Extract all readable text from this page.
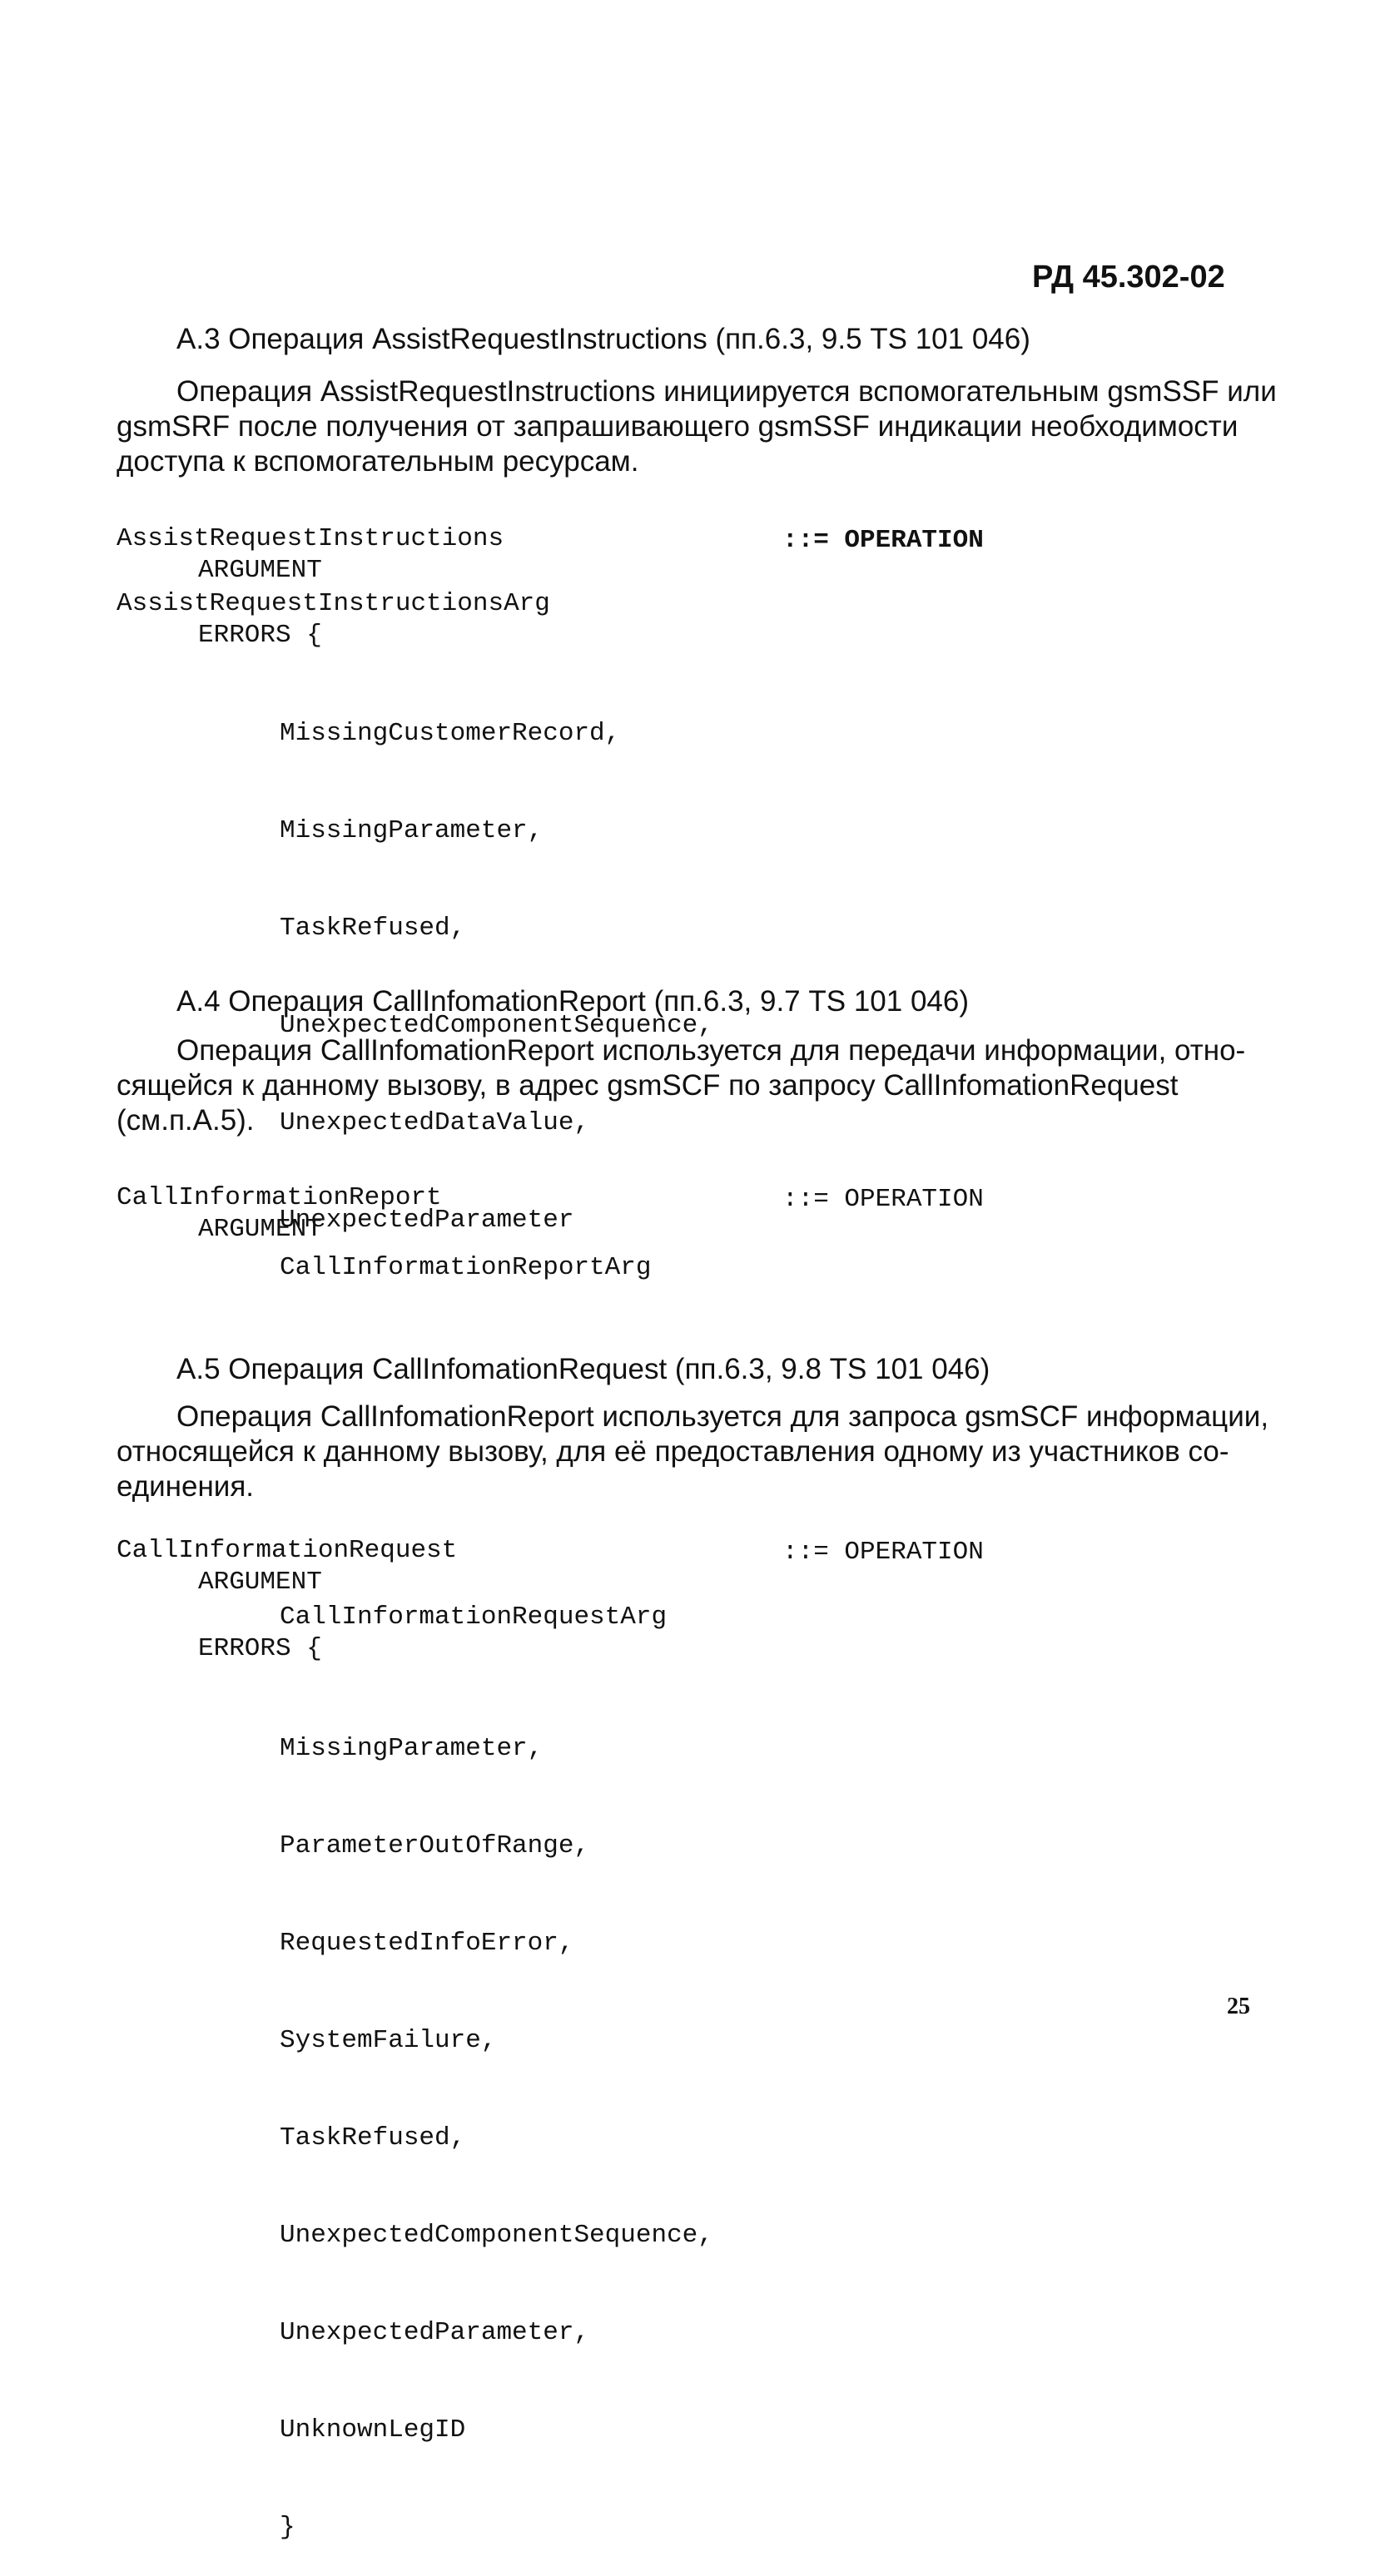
РД 45.302-02
А.3 Операция AssistRequestInstructions (пп.6.3, 9.5 TS 101 046)
Операция AssistRequestInstructions инициируется вспомогательным gsmSSF или
gsmSRF после получения от запрашивающего gsmSSF индикации необходимости
доступа к вспомогательным ресурсам.
AssistRequestInstructions	::= OPERATION
ARGUMENT
AssistRequestInstructionsArg
ERRORS {

MissingCustomerRecord,

MissingParameter,

TaskRefused,

UnexpectedComponentSequence,

UnexpectedDataValue,

UnexpectedParameter

А.4 Операция CallInfomationReport (пп.6.3, 9.7 TS 101 046)
Операция CallInfomationReport используется для передачи информации, отно-
сящейся к данному вызову, в адрес gsmSCF по запросу CallInfomationRequest
(см.п.А.5).
CallInformationReport	::= OPERATION
ARGUMENT
CallInformationReportArg
А.5 Операция CallInfomationRequest (пп.6.3, 9.8 TS 101 046)
Операция CallInfomationReport используется для запроса gsmSCF информации,
относящейся к данному вызову, для её предоставления одному из участников со-
единения.
CallInformationRequest	::= OPERATION
ARGUMENT
CallInformationRequestArg
ERRORS {

MissingParameter,

ParameterOutOfRange,

RequestedInfoError,

SystemFailure,

TaskRefused,

UnexpectedComponentSequence,

UnexpectedParameter,

UnknownLegID

}

25
